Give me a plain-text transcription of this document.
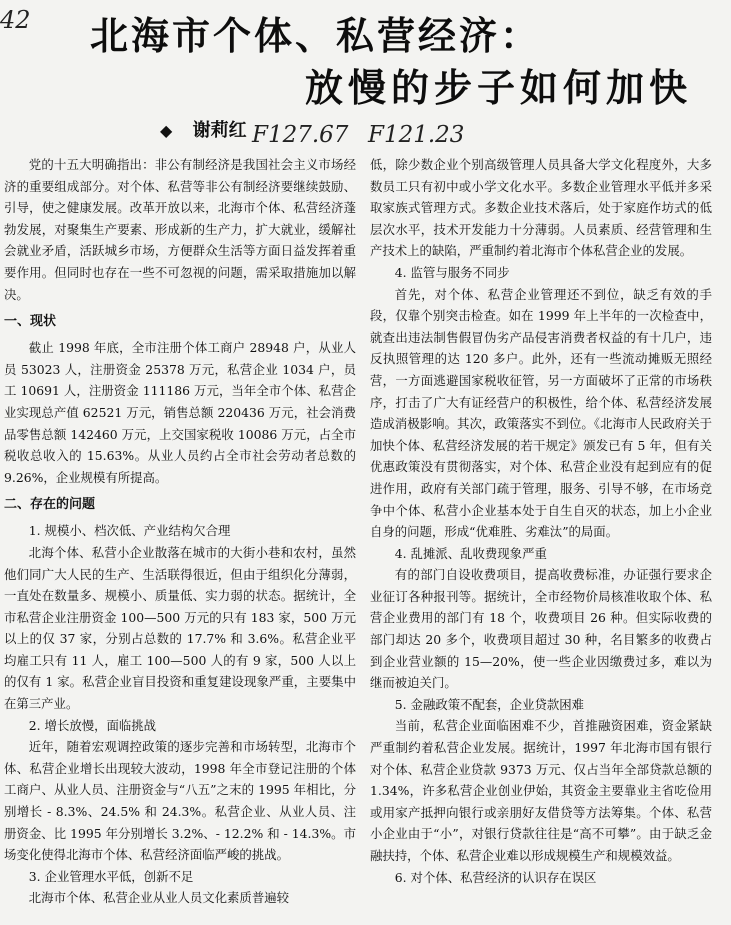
42 北海市个体、私营经济：
放慢的步子如何加快
◆ 谢莉红 F127.67 F121.23

党的十五大明确指出：非公有制经济是我国社会主义市场经济的重要组成部分。对个体、私营等非公有制经济要继续鼓励、引导，使之健康发展。改革开放以来，北海市个体、私营经济蓬勃发展，对聚集生产要素、形成新的生产力，扩大就业，缓解社会就业矛盾，活跃城乡市场，方便群众生活等方面日益发挥着重要作用。但同时也存在一些不可忽视的问题，需采取措施加以解决。

一、现状

截止 1998 年底，全市注册个体工商户 28948 户，从业人员 53023 人，注册资金 25378 万元，私营企业 1034 户，员工 10691 人，注册资金 111186 万元，当年全市个体、私营企业实现总产值 62521 万元，销售总额 220436 万元，社会消费品零售总额 142460 万元，上交国家税收 10086 万元，占全市税收总收入的 15.63%。从业人员约占全市社会劳动者总数的 9.26%，企业规模有所提高。

二、存在的问题
1. 规模小、档次低、产业结构欠合理

北海个体、私营小企业散落在城市的大街小巷和农村，虽然他们同广大人民的生产、生活联得很近，但由于组织化分薄弱，一直处在数量多、规模小、质量低、实力弱的状态。据统计，全市私营企业注册资金 100—500 万元的只有 183 家，500 万元以上的仅 37 家，分别占总数的 17.7% 和 3.6%。私营企业平均雇工只有 11 人，雇工 100—500 人的有 9 家，500 人以上的仅有 1 家。私营企业盲目投资和重复建设现象严重，主要集中在第三产业。

2. 增长放慢，面临挑战

近年，随着宏观调控政策的逐步完善和市场转型，北海市个体、私营企业增长出现较大波动，1998 年全市登记注册的个体工商户、从业人员、注册资金与“八五”之末的 1995 年相比，分别增长 - 8.3%、24.5% 和 24.3%。私营企业、从业人员、注册资金、比 1995 年分别增长 3.2%、- 12.2% 和 - 14.3%。市场变化使得北海市个体、私营经济面临严峻的挑战。

3. 企业管理水平低，创新不足

北海市个体、私营企业从业人员文化素质普遍较

低，除少数企业个别高级管理人员具备大学文化程度外，大多数员工只有初中或小学文化水平。多数企业管理水平低并多采取家族式管理方式。多数企业技术落后，处于家庭作坊式的低层次水平，技术开发能力十分薄弱。人员素质、经营管理和生产技术上的缺陷，严重制约着北海市个体私营企业的发展。

4. 监管与服务不同步

首先，对个体、私营企业管理还不到位，缺乏有效的手段，仅靠个别突击检查。如在 1999 年上半年的一次检查中，就查出违法制售假冒伪劣产品侵害消费者权益的有十几户，违反执照管理的达 120 多户。此外，还有一些流动摊贩无照经营，一方面逃避国家税收征管，另一方面破坏了正常的市场秩序，打击了广大有证经营户的积极性，给个体、私营经济发展造成消极影响。其次，政策落实不到位。《北海市人民政府关于加快个体、私营经济发展的若干规定》颁发已有 5 年，但有关优惠政策没有贯彻落实，对个体、私营企业没有起到应有的促进作用，政府有关部门疏于管理，服务、引导不够，在市场竞争中个体、私营小企业基本处于自生自灭的状态，加上小企业自身的问题，形成“优难胜、劣难汰”的局面。

4. 乱摊派、乱收费现象严重

有的部门自设收费项目，提高收费标准，办证强行要求企业征订各种报刊等。据统计，全市经物价局核准收取个体、私营企业费用的部门有 18 个，收费项目 26 种。但实际收费的部门却达 20 多个，收费项目超过 30 种，名目繁多的收费占到企业营业额的 15—20%，使一些企业因缴费过多，难以为继而被迫关门。

5. 金融政策不配套，企业贷款困难

当前，私营企业面临困难不少，首推融资困难，资金紧缺严重制约着私营企业发展。据统计，1997 年北海市国有银行对个体、私营企业贷款 9373 万元、仅占当年全部贷款总额的 1.34%，许多私营企业创业伊始，其资金主要靠业主省吃俭用或用家产抵押向银行或亲朋好友借贷等方法筹集。个体、私营小企业由于“小”，对银行贷款往往是“高不可攀”。由于缺乏金融扶持，个体、私营企业难以形成规模生产和规模效益。

6. 对个体、私营经济的认识存在误区
